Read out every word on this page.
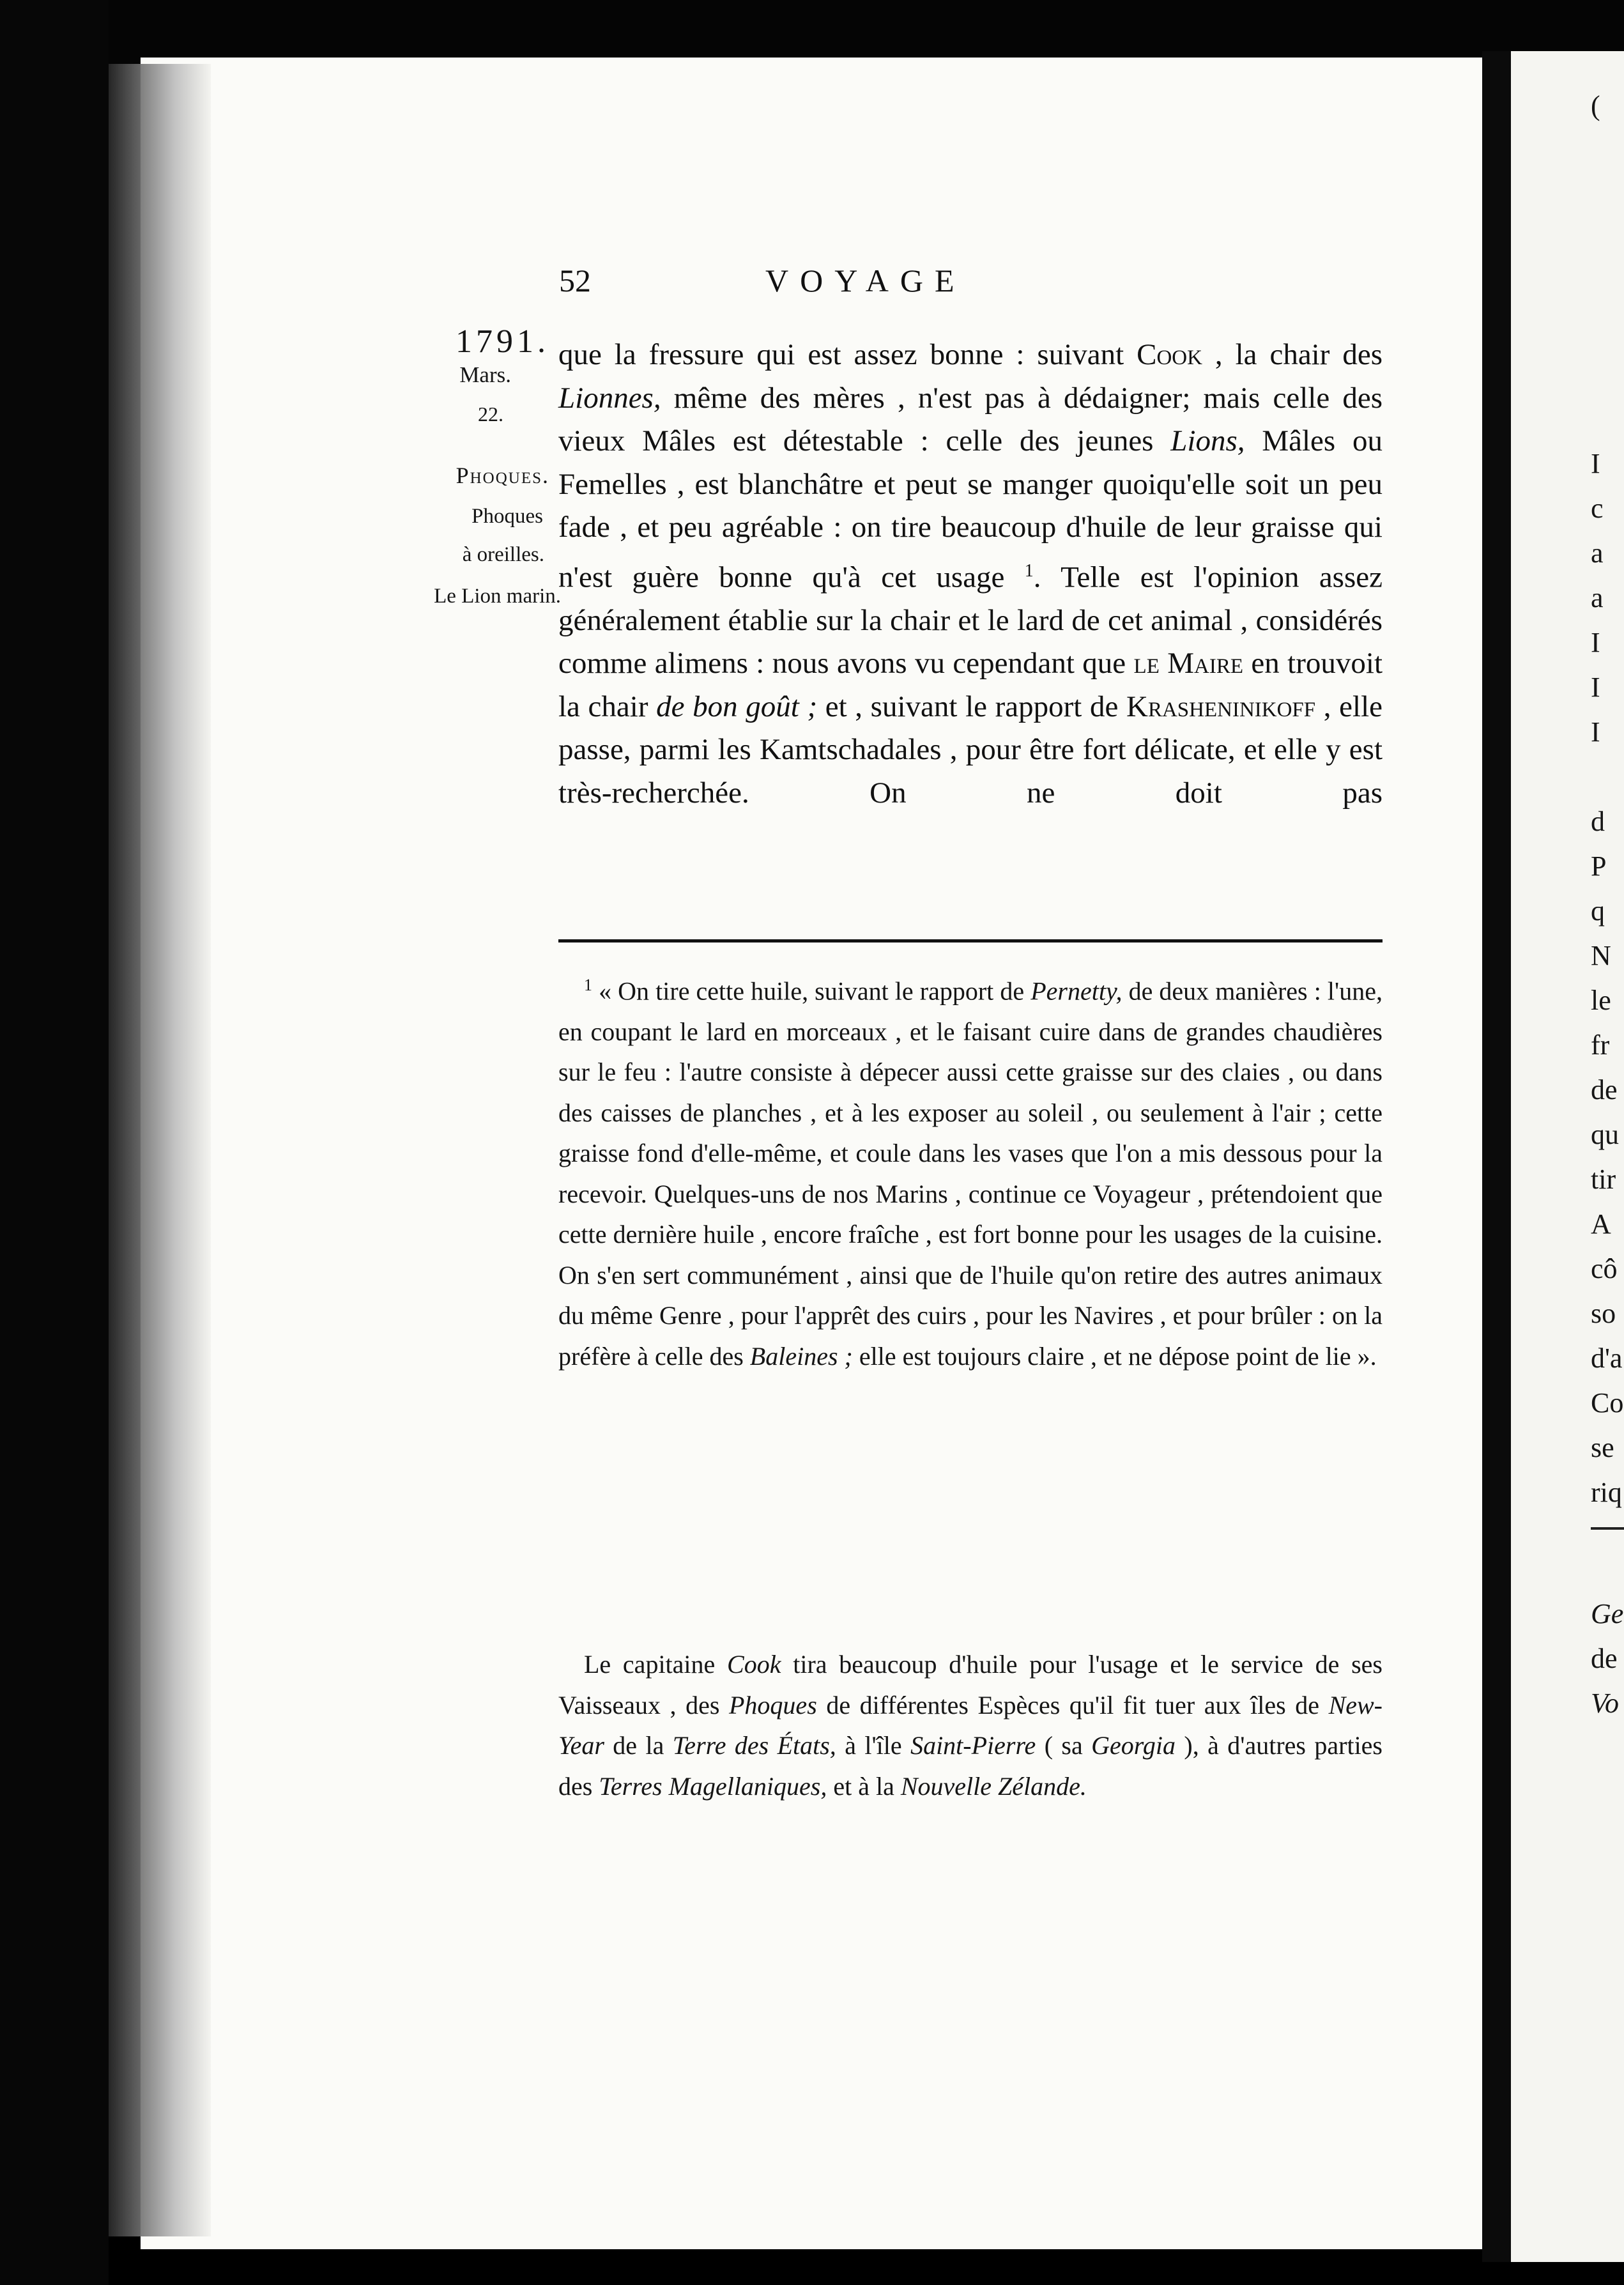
(
I
c
a
a
I
I
I
d
P
q
N
le
fr
de
qu
tir
A
cô
so
d'a
Co
se
riq
Ge
de
Vo
52	VOYAGE
1791.
Mars.
22.
Phoques.
Phoques
à oreilles.
Le Lion marin.

que la fressure qui est assez bonne : suivant Cook , la chair des Lionnes, même des mères , n'est pas à dédaigner; mais celle des vieux Mâles est détestable : celle des jeunes Lions, Mâles ou Femelles , est blanchâtre et peut se manger quoiqu'elle soit un peu fade , et peu agréable : on tire beaucoup d'huile de leur graisse qui n'est guère bonne qu'à cet usage $^1$. Telle est l'opinion assez généralement établie sur la chair et le lard de cet animal , considérés comme alimens : nous avons vu cependant que le Maire en trouvoit la chair de bon goût ; et , suivant le rapport de Krasheninikoff , elle passe, parmi les Kamtschadales , pour être fort délicate, et elle y est très-recherchée. On ne doit pas

$^1$ « On tire cette huile, suivant le rapport de Pernetty, de deux manières : l'une, en coupant le lard en morceaux , et le faisant cuire dans de grandes chaudières sur le feu : l'autre consiste à dépecer aussi cette graisse sur des claies , ou dans des caisses de planches , et à les exposer au soleil , ou seulement à l'air ; cette graisse fond d'elle-même, et coule dans les vases que l'on a mis dessous pour la recevoir. Quelques-uns de nos Marins , continue ce Voyageur , prétendoient que cette dernière huile , encore fraîche , est fort bonne pour les usages de la cuisine. On s'en sert communément , ainsi que de l'huile qu'on retire des autres animaux du même Genre , pour l'apprêt des cuirs , pour les Navires , et pour brûler : on la préfère à celle des Baleines ; elle est toujours claire , et ne dépose point de lie ».

Le capitaine Cook tira beaucoup d'huile pour l'usage et le service de ses Vaisseaux , des Phoques de différentes Espèces qu'il fit tuer aux îles de New-Year de la Terre des États, à l'île Saint-Pierre ( sa Georgia ), à d'autres parties des Terres Magellaniques, et à la Nouvelle Zélande.
